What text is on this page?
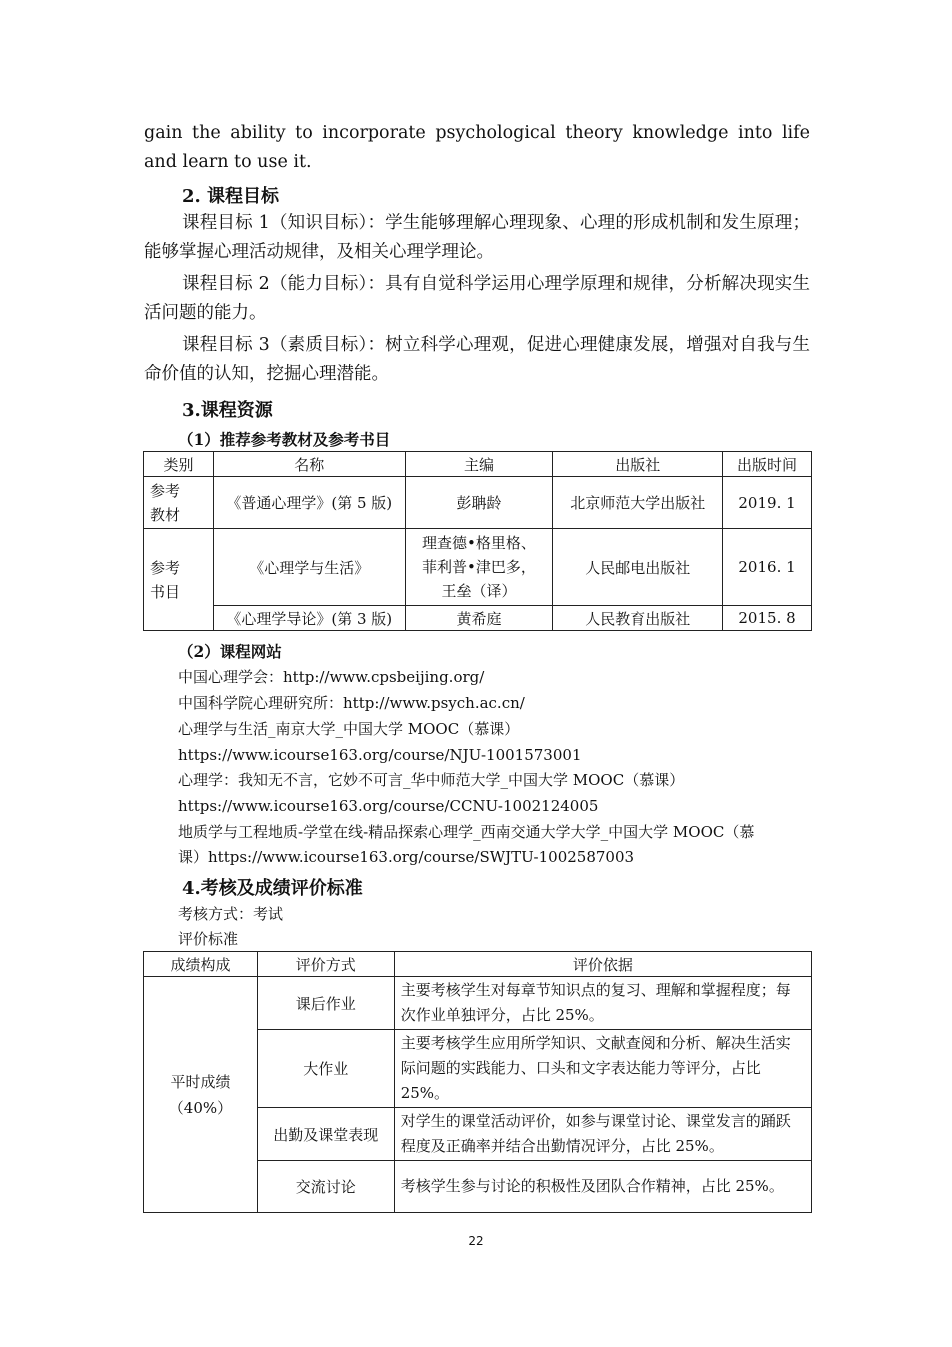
gain the ability to incorporate psychological theory knowledge into life and learn to use it.

2. 课程目标

课程目标 1（知识目标）：学生能够理解心理现象、心理的形成机制和发生原理；能够掌握心理活动规律，及相关心理学理论。

课程目标 2（能力目标）：具有自觉科学运用心理学原理和规律，分析解决现实生活问题的能力。

课程目标 3（素质目标）：树立科学心理观，促进心理健康发展，增强对自我与生命价值的认知，挖掘心理潜能。

3.课程资源

（1）推荐参考教材及参考书目

类别	名称	主编	出版社	出版时间
参考
教材	《普通心理学》(第 5 版)	彭聃龄	北京师范大学出版社	2019. 1
参考
书目	《心理学与生活》	理查德•格里格、
菲利普•津巴多，
王垒（译）	人民邮电出版社	2016. 1
	《心理学导论》(第 3 版)	黄希庭	人民教育出版社	2015. 8

（2）课程网站

中国心理学会：http://www.cpsbeijing.org/

中国科学院心理研究所：http://www.psych.ac.cn/

心理学与生活_南京大学_中国大学 MOOC（慕课）

https://www.icourse163.org/course/NJU-1001573001

心理学：我知无不言，它妙不可言_华中师范大学_中国大学 MOOC（慕课）

https://www.icourse163.org/course/CCNU-1002124005

地质学与工程地质-学堂在线-精品探索心理学_西南交通大学大学_中国大学 MOOC（慕

课）https://www.icourse163.org/course/SWJTU-1002587003

4.考核及成绩评价标准

考核方式：考试

评价标准

成绩构成	评价方式	评价依据
平时成绩
（40%）	课后作业	主要考核学生对每章节知识点的复习、理解和掌握程度；每次作业单独评分，占比 25%。
	大作业	主要考核学生应用所学知识、文献查阅和分析、解决生活实际问题的实践能力、口头和文字表达能力等评分，占比 25%。
	出勤及课堂表现	对学生的课堂活动评价，如参与课堂讨论、课堂发言的踊跃程度及正确率并结合出勤情况评分，占比 25%。
	交流讨论	考核学生参与讨论的积极性及团队合作精神，占比 25%。
22
